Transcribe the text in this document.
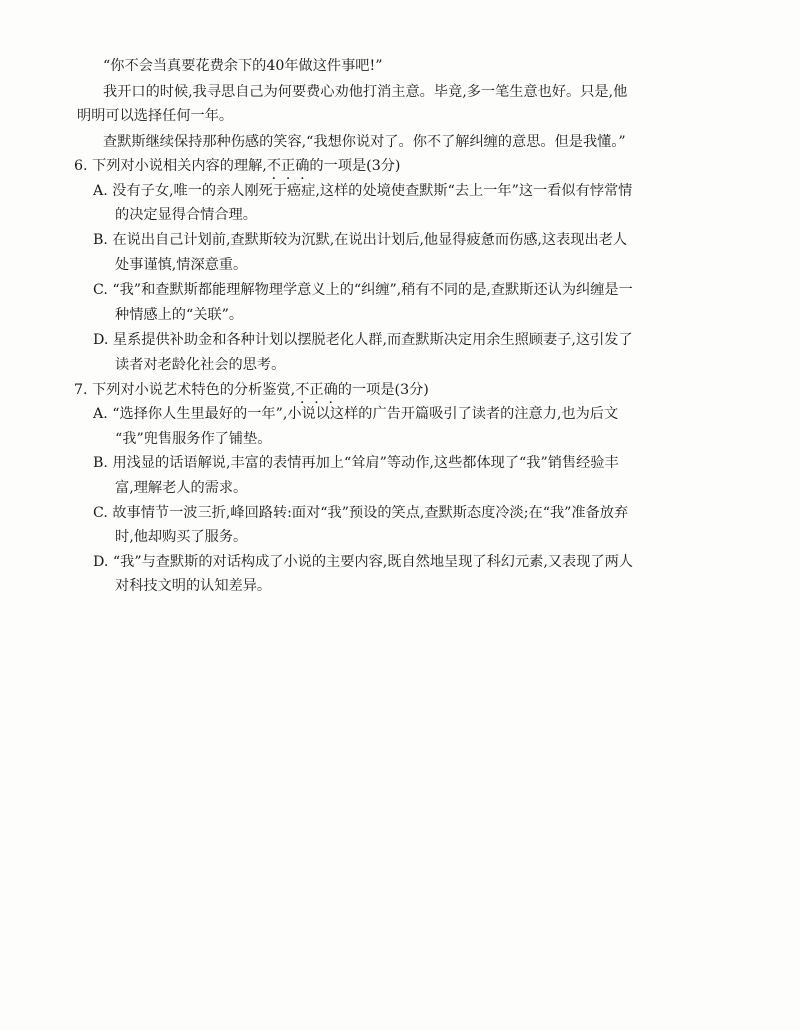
“你不会当真要花费余下的40年做这件事吧!”
我开口的时候,我寻思自己为何要费心劝他打消主意。毕竟,多一笔生意也好。只是,他
明明可以选择任何一年。
查默斯继续保持那种伤感的笑容,“我想你说对了。你不了解纠缠的意思。但是我懂。”
6. 下列对小说相关内容的理解,不正确的一项是(3分)
A. 没有子女,唯一的亲人刚死于癌症,这样的处境使查默斯“去上一年”这一看似有悖常情
的决定显得合情合理。
B. 在说出自己计划前,查默斯较为沉默,在说出计划后,他显得疲惫而伤感,这表现出老人
处事谨慎,情深意重。
C. “我”和查默斯都能理解物理学意义上的“纠缠”,稍有不同的是,查默斯还认为纠缠是一
种情感上的“关联”。
D. 星系提供补助金和各种计划以摆脱老化人群,而查默斯决定用余生照顾妻子,这引发了
读者对老龄化社会的思考。
7. 下列对小说艺术特色的分析鉴赏,不正确的一项是(3分)
A. “选择你人生里最好的一年”,小说以这样的广告开篇吸引了读者的注意力,也为后文
“我”兜售服务作了铺垫。
B. 用浅显的话语解说,丰富的表情再加上“耸肩”等动作,这些都体现了“我”销售经验丰
富,理解老人的需求。
C. 故事情节一波三折,峰回路转:面对“我”预设的笑点,查默斯态度冷淡;在“我”准备放弃
时,他却购买了服务。
D. “我”与查默斯的对话构成了小说的主要内容,既自然地呈现了科幻元素,又表现了两人
对科技文明的认知差异。
